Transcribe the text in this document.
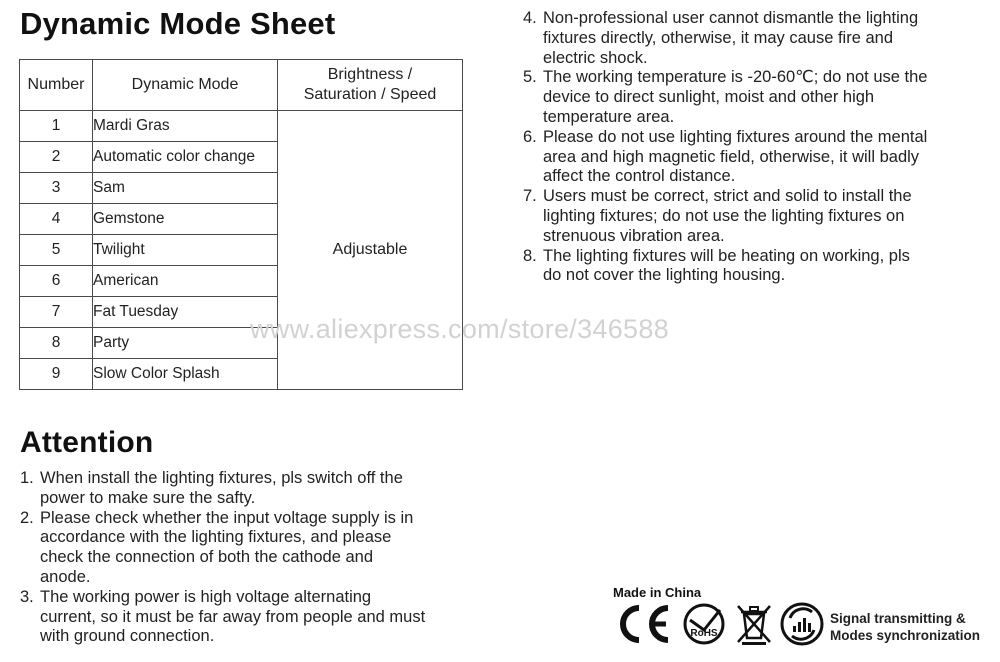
Dynamic Mode Sheet
Number	Dynamic Mode	Brightness /
Saturation / Speed
1	Mardi Gras	Adjustable
2	Automatic color change	
3	Sam	
4	Gemstone	
5	Twilight	
6	American	
7	Fat Tuesday	
8	Party	
9	Slow Color Splash	
Attention
1. When install the lighting fixtures, pls switch off the
power to make sure the safty.
2. Please check whether the input voltage supply is in
accordance with the lighting fixtures, and please
check the connection of both the cathode and
anode.
3. The working power is high voltage alternating
current, so it must be far away from people and must
with ground connection.
4. Non-professional user cannot dismantle the lighting
fixtures directly, otherwise, it may cause fire and
electric shock.
5. The working temperature is -20-60℃; do not use the
device to direct sunlight, moist and other high
temperature area.
6. Please do not use lighting fixtures around the mental
area and high magnetic field, otherwise, it will badly
affect the control distance.
7. Users must be correct, strict and solid to install the
lighting fixtures; do not use the lighting fixtures on
strenuous vibration area.
8. The lighting fixtures will be heating on working, pls
do not cover the lighting housing.
www.aliexpress.com/store/346588
Made in China
RoHS
Signal transmitting &
Modes synchronization
